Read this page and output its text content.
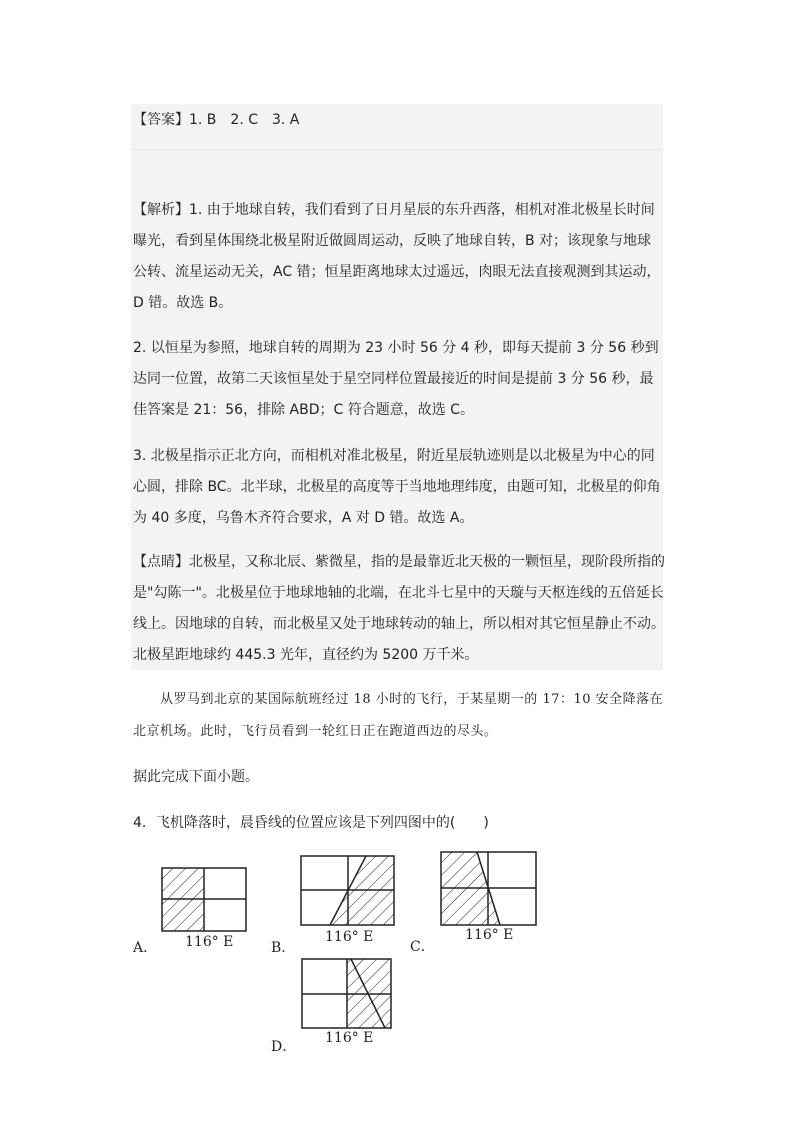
【答案】1. B　2. C　3. A
【解析】1. 由于地球自转，我们看到了日月星辰的东升西落，相机对准北极星长时间曝光，看到星体围绕北极星附近做圆周运动，反映了地球自转，B 对；该现象与地球公转、流星运动无关，AC 错；恒星距离地球太过遥远，肉眼无法直接观测到其运动，D 错。故选 B。
2. 以恒星为参照，地球自转的周期为 23 小时 56 分 4 秒，即每天提前 3 分 56 秒到达同一位置，故第二天该恒星处于星空同样位置最接近的时间是提前 3 分 56 秒，最佳答案是 21：56，排除 ABD；C 符合题意，故选 C。
3. 北极星指示正北方向，而相机对准北极星，附近星辰轨迹则是以北极星为中心的同心圆，排除 BC。北半球，北极星的高度等于当地地理纬度，由题可知，北极星的仰角为 40 多度，乌鲁木齐符合要求，A 对 D 错。故选 A。
【点睛】北极星，又称北辰、紫微星，指的是最靠近北天极的一颗恒星，现阶段所指的是"勾陈一"。北极星位于地球地轴的北端，在北斗七星中的天璇与天枢连线的五倍延长线上。因地球的自转，而北极星又处于地球转动的轴上，所以相对其它恒星静止不动。北极星距地球约 445.3 光年，直径约为 5200 万千米。
从罗马到北京的某国际航班经过 18 小时的飞行，于某星期一的 17：10 安全降落在
北京机场。此时，飞行员看到一轮红日正在跑道西边的尽头。
据此完成下面小题。
4．飞机降落时，晨昏线的位置应该是下列四图中的(　　)
116° E
A．
116° E
B．
116° E
C．
116° E
D．
